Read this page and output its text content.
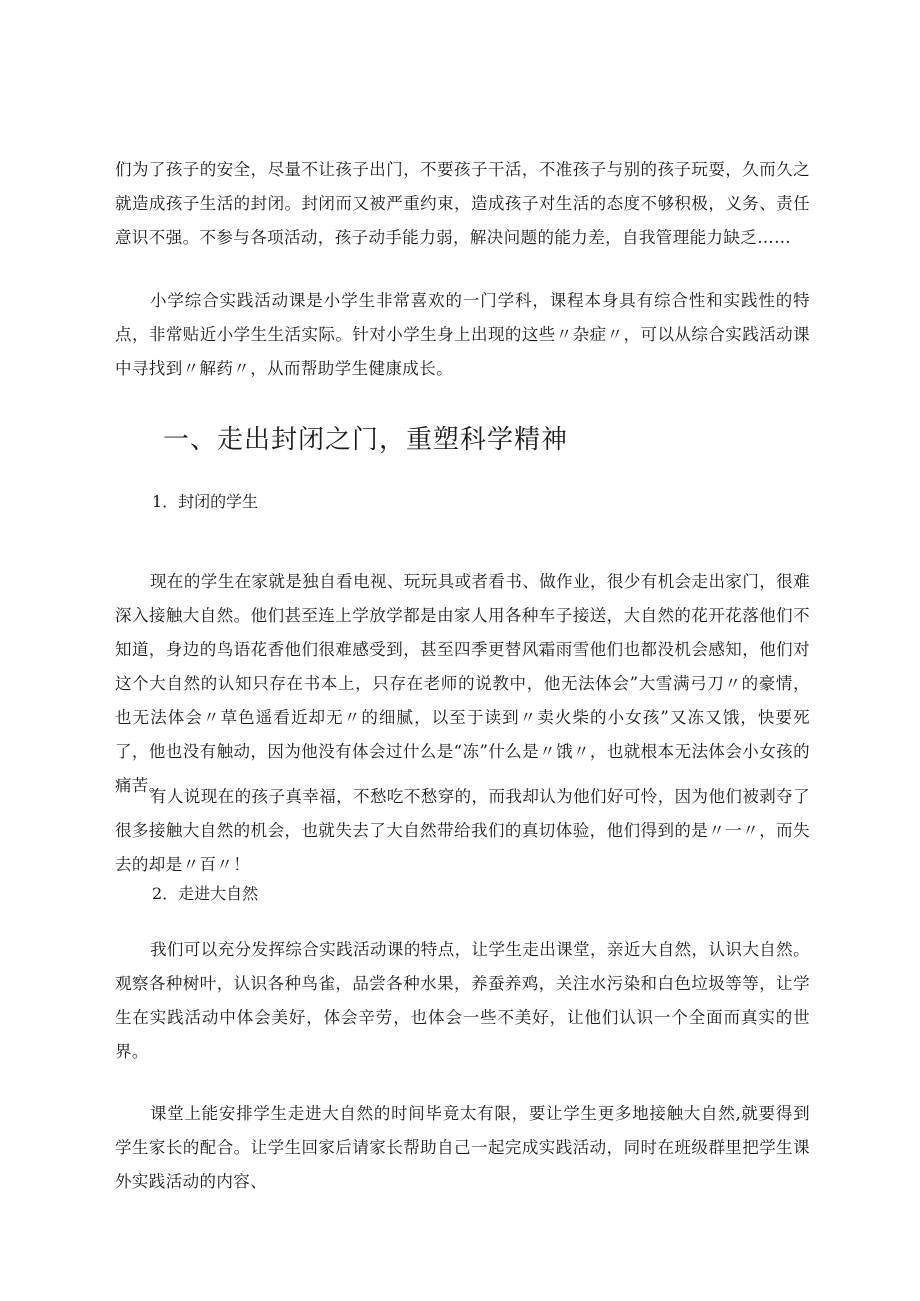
们为了孩子的安全，尽量不让孩子出门，不要孩子干活，不准孩子与别的孩子玩耍，久而久之就造成孩子生活的封闭。封闭而又被严重约束，造成孩子对生活的态度不够积极，义务、责任意识不强。不参与各项活动，孩子动手能力弱，解决问题的能力差，自我管理能力缺乏……

小学综合实践活动课是小学生非常喜欢的一门学科，课程本身具有综合性和实践性的特点，非常贴近小学生生活实际。针对小学生身上出现的这些〃杂症〃，可以从综合实践活动课中寻找到〃解药〃，从而帮助学生健康成长。

一、走出封闭之门，重塑科学精神

1．封闭的学生

现在的学生在家就是独自看电视、玩玩具或者看书、做作业，很少有机会走出家门，很难深入接触大自然。他们甚至连上学放学都是由家人用各种车子接送，大自然的花开花落他们不知道，身边的鸟语花香他们很难感受到，甚至四季更替风霜雨雪他们也都没机会感知，他们对这个大自然的认知只存在书本上，只存在老师的说教中，他无法体会”大雪满弓刀〃的豪情，也无法体会〃草色遥看近却无〃的细腻，以至于读到〃卖火柴的小女孩”又冻又饿，快要死了，他也没有触动，因为他没有体会过什么是“冻”什么是〃饿〃，也就根本无法体会小女孩的痛苦。

有人说现在的孩子真幸福，不愁吃不愁穿的，而我却认为他们好可怜，因为他们被剥夺了很多接触大自然的机会，也就失去了大自然带给我们的真切体验，他们得到的是〃一〃，而失去的却是〃百〃！

2．走进大自然

我们可以充分发挥综合实践活动课的特点，让学生走出课堂，亲近大自然，认识大自然。观察各种树叶，认识各种鸟雀，品尝各种水果，养蚕养鸡，关注水污染和白色垃圾等等，让学生在实践活动中体会美好，体会辛劳，也体会一些不美好，让他们认识一个全面而真实的世界。

课堂上能安排学生走进大自然的时间毕竟太有限，要让学生更多地接触大自然,就要得到学生家长的配合。让学生回家后请家长帮助自己一起完成实践活动，同时在班级群里把学生课外实践活动的内容、
